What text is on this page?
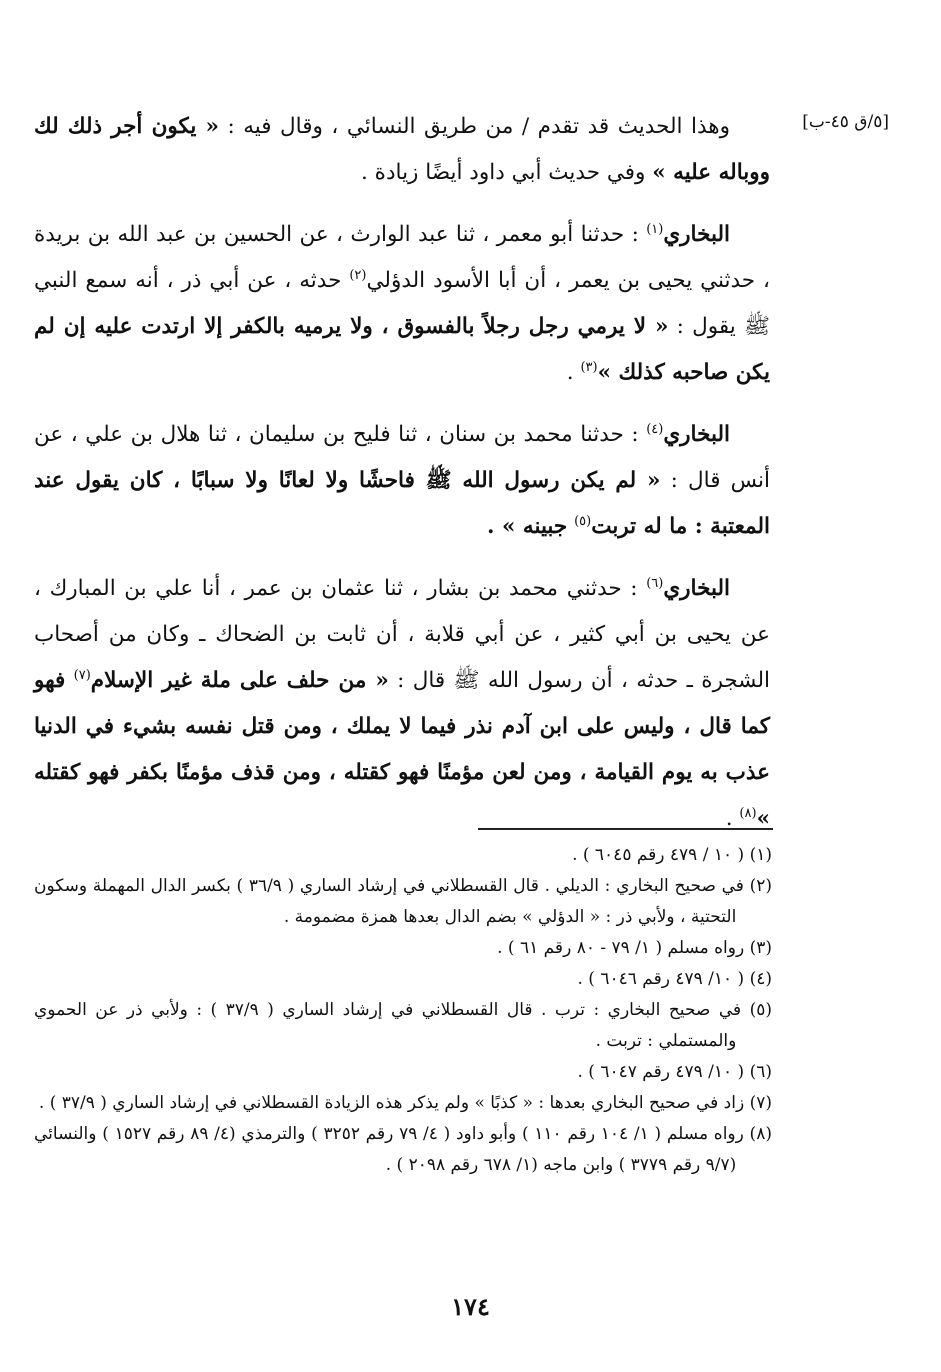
[٥/ق ٤٥-ب]

وهذا الحديث قد تقدم / من طريق النسائي ، وقال فيه : « يكون أجر ذلك لك ووباله عليه » وفي حديث أبي داود أيضًا زيادة .

البخاري$^{(١)}$ : حدثنا أبو معمر ، ثنا عبد الوارث ، عن الحسين بن عبد الله بن بريدة ، حدثني يحيى بن يعمر ، أن أبا الأسود الدؤلي$^{(٢)}$ حدثه ، عن أبي ذر ، أنه سمع النبي ﷺ يقول : « لا يرمي رجل رجلاً بالفسوق ، ولا يرميه بالكفر إلا ارتدت عليه إن لم يكن صاحبه كذلك »$^{(٣)}$ .

البخاري$^{(٤)}$ : حدثنا محمد بن سنان ، ثنا فليح بن سليمان ، ثنا هلال بن علي ، عن أنس قال : « لم يكن رسول الله ﷺ فاحشًا ولا لعانًا ولا سبابًا ، كان يقول عند المعتبة : ما له تربت$^{(٥)}$ جبينه » .

البخاري$^{(٦)}$ : حدثني محمد بن بشار ، ثنا عثمان بن عمر ، أنا علي بن المبارك ، عن يحيى بن أبي كثير ، عن أبي قلابة ، أن ثابت بن الضحاك ـ وكان من أصحاب الشجرة ـ حدثه ، أن رسول الله ﷺ قال : « من حلف على ملة غير الإسلام$^{(٧)}$ فهو كما قال ، وليس على ابن آدم نذر فيما لا يملك ، ومن قتل نفسه بشيء في الدنيا عذب به يوم القيامة ، ومن لعن مؤمنًا فهو كقتله ، ومن قذف مؤمنًا بكفر فهو كقتله »$^{(٨)}$ .

(١) ( ١٠ / ٤٧٩ رقم ٦٠٤٥ ) .
(٢) في صحيح البخاري : الديلي . قال القسطلاني في إرشاد الساري ( ٣٦/٩ ) بكسر الدال المهملة وسكون التحتية ، ولأبي ذر : « الدؤلي » بضم الدال بعدها همزة مضمومة .
(٣) رواه مسلم ( ١/ ٧٩ - ٨٠ رقم ٦١ ) .
(٤) ( ١٠/ ٤٧٩ رقم ٦٠٤٦ ) .
(٥) في صحيح البخاري : ترب . قال القسطلاني في إرشاد الساري ( ٣٧/٩ ) : ولأبي ذر عن الحموي والمستملي : تربت .
(٦) ( ١٠/ ٤٧٩ رقم ٦٠٤٧ ) .
(٧) زاد في صحيح البخاري بعدها : « كذبًا » ولم يذكر هذه الزيادة القسطلاني في إرشاد الساري ( ٣٧/٩ ) .
(٨) رواه مسلم ( ١/ ١٠٤ رقم ١١٠ ) وأبو داود ( ٤/ ٧٩ رقم ٣٢٥٢ ) والترمذي (٤/ ٨٩ رقم ١٥٢٧ ) والنسائي (٩/٧ رقم ٣٧٧٩ ) وابن ماجه (١/ ٦٧٨ رقم ٢٠٩٨ ) .
١٧٤
